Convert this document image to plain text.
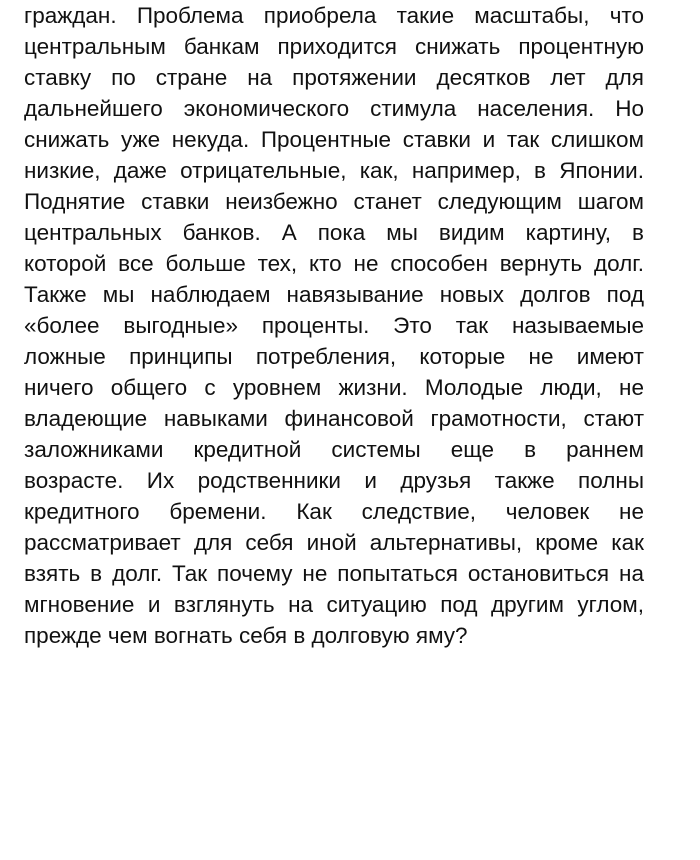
граждан. Проблема приобрела такие масштабы, что
центральным банкам приходится снижать процентную
ставку по стране на протяжении десятков лет для
дальнейшего экономического стимула населения. Но
снижать уже некуда. Процентные ставки и так слишком
низкие, даже отрицательные, как, например, в Японии.
Поднятие ставки неизбежно станет следующим шагом
центральных банков. А пока мы видим картину, в
которой все больше тех, кто не способен вернуть долг.
Также мы наблюдаем навязывание новых долгов под
«более выгодные» проценты. Это так называемые
ложные принципы потребления, которые не имеют
ничего общего с уровнем жизни. Молодые люди, не
владеющие навыками финансовой грамотности, стают
заложниками кредитной системы еще в раннем
возрасте. Их родственники и друзья также полны
кредитного бремени. Как следствие, человек не
рассматривает для себя иной альтернативы, кроме как
взять в долг. Так почему не попытаться остановиться на
мгновение и взглянуть на ситуацию под другим углом,
прежде чем вогнать себя в долговую яму?
